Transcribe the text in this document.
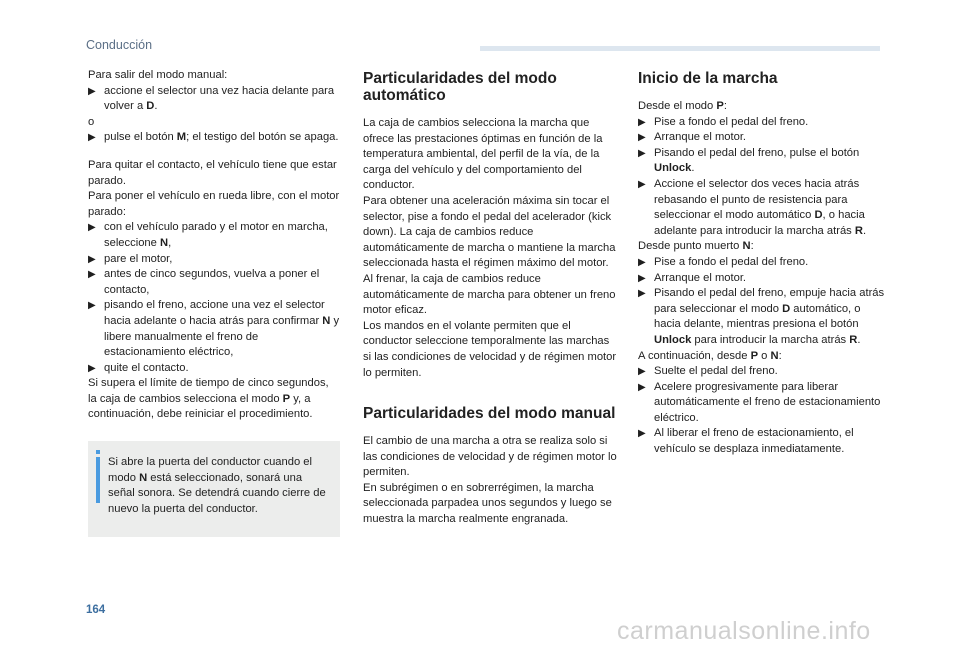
Conducción

Para salir del modo manual:

▶ accione el selector una vez hacia delante para volver a D.

o

▶ pulse el botón M; el testigo del botón se apaga.

Para quitar el contacto, el vehículo tiene que estar parado.

Para poner el vehículo en rueda libre, con el motor parado:

▶ con el vehículo parado y el motor en marcha, seleccione N,
▶ pare el motor,
▶ antes de cinco segundos, vuelva a poner el contacto,
▶ pisando el freno, accione una vez el selector hacia adelante o hacia atrás para confirmar N y libere manualmente el freno de estacionamiento eléctrico,
▶ quite el contacto.

Si supera el límite de tiempo de cinco segundos, la caja de cambios selecciona el modo P y, a continuación, debe reiniciar el procedimiento.

Si abre la puerta del conductor cuando el modo N está seleccionado, sonará una señal sonora. Se detendrá cuando cierre de nuevo la puerta del conductor.
Particularidades del modo automático

La caja de cambios selecciona la marcha que ofrece las prestaciones óptimas en función de la temperatura ambiental, del perfil de la vía, de la carga del vehículo y del comportamiento del conductor.

Para obtener una aceleración máxima sin tocar el selector, pise a fondo el pedal del acelerador (kick down). La caja de cambios reduce automáticamente de marcha o mantiene la marcha seleccionada hasta el régimen máximo del motor.

Al frenar, la caja de cambios reduce automáticamente de marcha para obtener un freno motor eficaz.

Los mandos en el volante permiten que el conductor seleccione temporalmente las marchas si las condiciones de velocidad y de régimen motor lo permiten.

Particularidades del modo manual

El cambio de una marcha a otra se realiza solo si las condiciones de velocidad y de régimen motor lo permiten.

En subrégimen o en sobrerrégimen, la marcha seleccionada parpadea unos segundos y luego se muestra la marcha realmente engranada.

Inicio de la marcha

Desde el modo P:

▶ Pise a fondo el pedal del freno.
▶ Arranque el motor.
▶ Pisando el pedal del freno, pulse el botón Unlock.
▶ Accione el selector dos veces hacia atrás rebasando el punto de resistencia para seleccionar el modo automático D, o hacia adelante para introducir la marcha atrás R.

Desde punto muerto N:

▶ Pise a fondo el pedal del freno.
▶ Arranque el motor.
▶ Pisando el pedal del freno, empuje hacia atrás para seleccionar el modo D automático, o hacia delante, mientras presiona el botón Unlock para introducir la marcha atrás R.

A continuación, desde P o N:

▶ Suelte el pedal del freno.
▶ Acelere progresivamente para liberar automáticamente el freno de estacionamiento eléctrico.
▶ Al liberar el freno de estacionamiento, el vehículo se desplaza inmediatamente.
164
carmanualsonline.info
